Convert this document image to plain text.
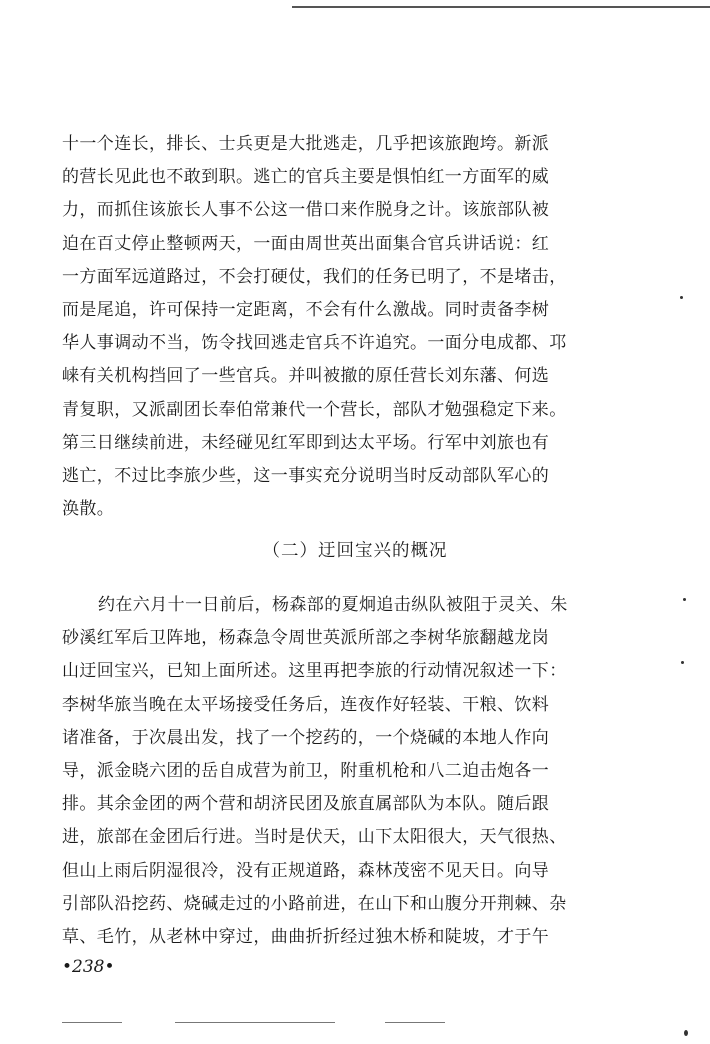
十一个连长，排长、士兵更是大批逃走，几乎把该旅跑垮。新派
的营长见此也不敢到职。逃亡的官兵主要是惧怕红一方面军的威
力，而抓住该旅长人事不公这一借口来作脱身之计。该旅部队被
迫在百丈停止整顿两天，一面由周世英出面集合官兵讲话说：红
一方面军远道路过，不会打硬仗，我们的任务已明了，不是堵击，
而是尾追，许可保持一定距离，不会有什么激战。同时责备李树
华人事调动不当，饬令找回逃走官兵不许追究。一面分电成都、邛
崃有关机构挡回了一些官兵。并叫被撤的原任营长刘东藩、何选
青复职，又派副团长奉伯常兼代一个营长，部队才勉强稳定下来。
第三日继续前进，未经碰见红军即到达太平场。行军中刘旅也有
逃亡，不过比李旅少些，这一事实充分说明当时反动部队军心的
涣散。
（二）迂回宝兴的概况
约在六月十一日前后，杨森部的夏炯追击纵队被阻于灵关、朱
砂溪红军后卫阵地，杨森急令周世英派所部之李树华旅翻越龙岗
山迂回宝兴，已知上面所述。这里再把李旅的行动情况叙述一下：
李树华旅当晚在太平场接受任务后，连夜作好轻装、干粮、饮料
诸准备，于次晨出发，找了一个挖药的，一个烧碱的本地人作向
导，派金晓六团的岳自成营为前卫，附重机枪和八二迫击炮各一
排。其余金团的两个营和胡济民团及旅直属部队为本队。随后跟
进，旅部在金团后行进。当时是伏天，山下太阳很大，天气很热、
但山上雨后阴湿很冷，没有正规道路，森林茂密不见天日。向导
引部队沿挖药、烧碱走过的小路前进，在山下和山腹分开荆棘、杂
草、毛竹，从老林中穿过，曲曲折折经过独木桥和陡坡，才于午
•238•
